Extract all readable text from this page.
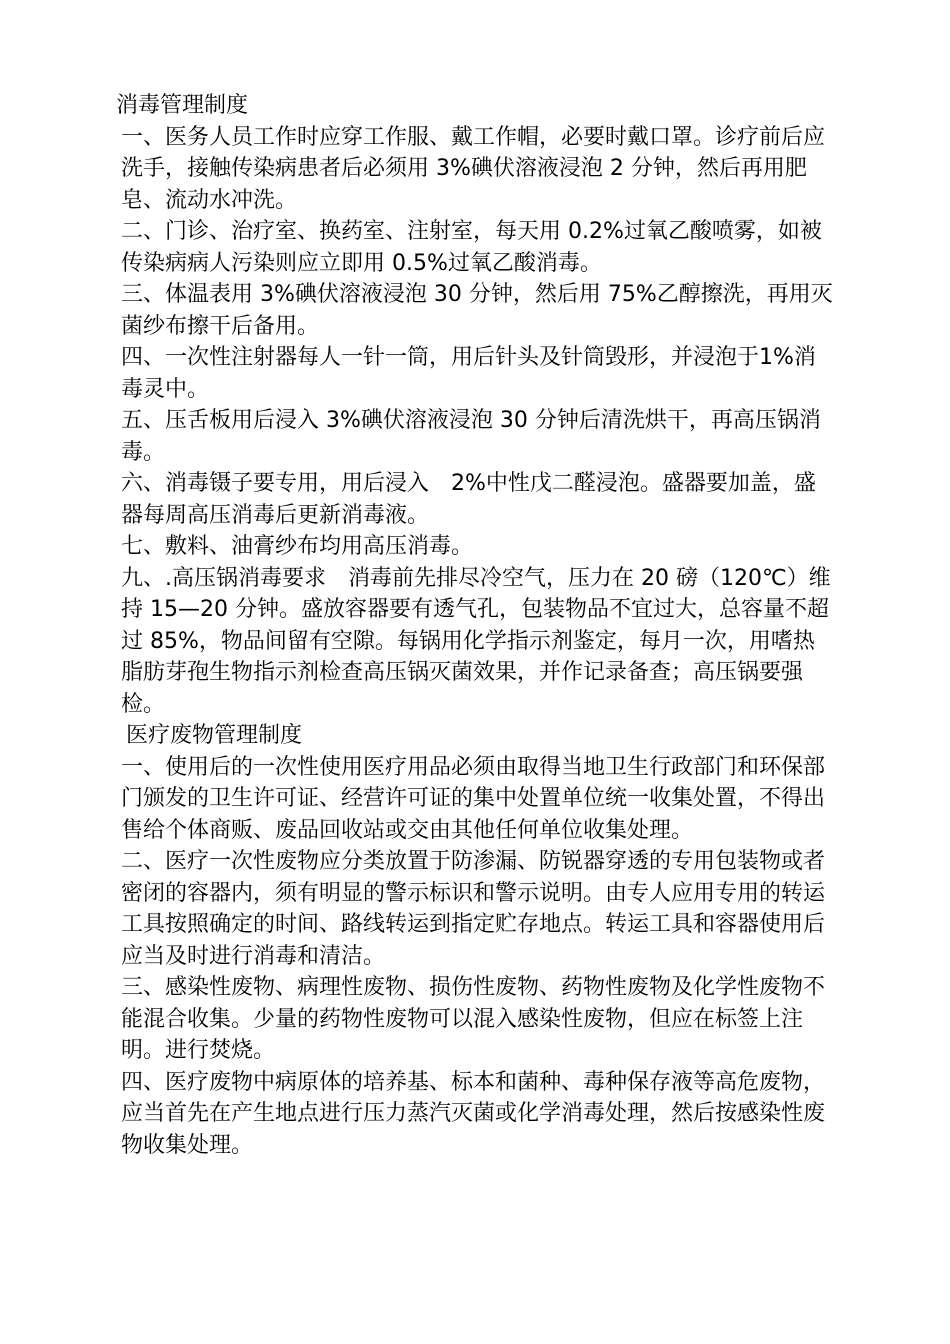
消毒管理制度

一、医务人员工作时应穿工作服、戴工作帽，必要时戴口罩。诊疗前后应洗手，接触传染病患者后必须用 3%碘伏溶液浸泡 2 分钟，然后再用肥皂、流动水冲洗。

二、门诊、治疗室、换药室、注射室，每天用 0.2%过氧乙酸喷雾，如被传染病病人污染则应立即用 0.5%过氧乙酸消毒。

三、体温表用 3%碘伏溶液浸泡 30 分钟，然后用 75%乙醇擦洗，再用灭菌纱布擦干后备用。

四、一次性注射器每人一针一筒，用后针头及针筒毁形，并浸泡于1%消毒灵中。

五、压舌板用后浸入 3%碘伏溶液浸泡 30 分钟后清洗烘干，再高压锅消毒。

六、消毒镊子要专用，用后浸入　2%中性戊二醛浸泡。盛器要加盖，盛器每周高压消毒后更新消毒液。

七、敷料、油膏纱布均用高压消毒。

九、.高压锅消毒要求　消毒前先排尽冷空气，压力在 20 磅（120℃）维持 15—20 分钟。盛放容器要有透气孔，包装物品不宜过大，总容量不超过 85%，物品间留有空隙。每锅用化学指示剂鉴定，每月一次，用嗜热脂肪芽孢生物指示剂检查高压锅灭菌效果，并作记录备查；高压锅要强检。

医疗废物管理制度

一、使用后的一次性使用医疗用品必须由取得当地卫生行政部门和环保部门颁发的卫生许可证、经营许可证的集中处置单位统一收集处置，不得出售给个体商贩、废品回收站或交由其他任何单位收集处理。

二、医疗一次性废物应分类放置于防渗漏、防锐器穿透的专用包装物或者密闭的容器内，须有明显的警示标识和警示说明。由专人应用专用的转运工具按照确定的时间、路线转运到指定贮存地点。转运工具和容器使用后应当及时进行消毒和清洁。

三、感染性废物、病理性废物、损伤性废物、药物性废物及化学性废物不能混合收集。少量的药物性废物可以混入感染性废物，但应在标签上注明。进行焚烧。

四、医疗废物中病原体的培养基、标本和菌种、毒种保存液等高危废物，应当首先在产生地点进行压力蒸汽灭菌或化学消毒处理，然后按感染性废物收集处理。
